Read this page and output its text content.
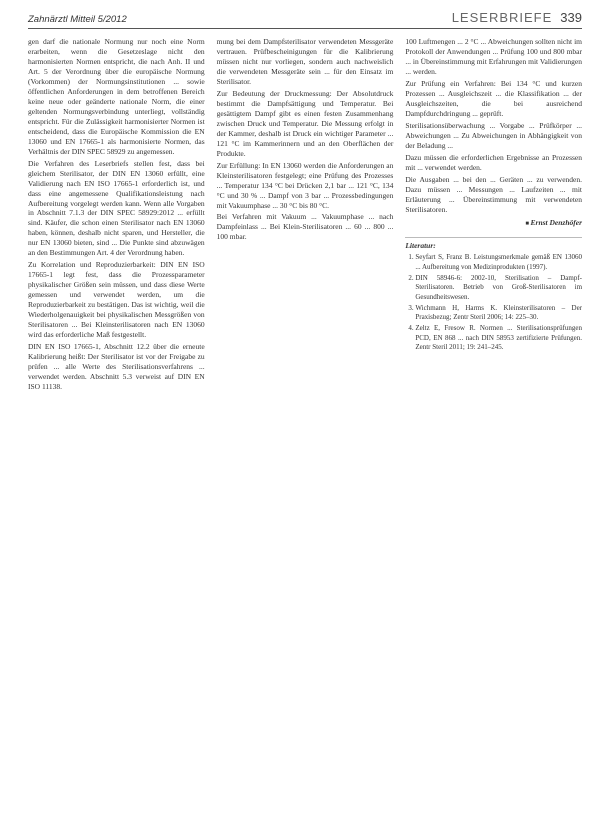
Zahnärztl Mitteil 5/2012	LESERBRIEFE 339

gen darf die nationale Normung nur noch eine Norm erarbeiten, wenn die Gesetzeslage nicht den harmonisierten Normen entspricht, die nach Anh. II und Art. 5 der Verordnung über die europäische Normung (Vorkommen) der Normungsinstitutionen ... sowie öffentlichen Anforderungen in dem betroffenen Bereich keine neue oder geänderte nationale Norm, die einer geltenden Normungsverbindung unterliegt, vollständig entspricht. Für die Zulässigkeit harmonisierter Normen ist entscheidend, dass die Europäische Kommission die EN 13060 und EN 17665-1 als harmonisierte Normen, das Verhältnis der DIN SPEC 58929 zu angemessen.

Die Verfahren des Leserbriefs stellen fest, dass bei gleichem Sterilisator, der DIN EN 13060 erfüllt, eine Validierung nach EN ISO 17665-1 erforderlich ist, und dass eine angemessene Qualifikationsleistung nach Aufbereitung vorgelegt werden kann. Wenn alle Vorgaben in Abschnitt 7.1.3 der DIN SPEC 58929:2012 ... erfüllt sind. Käufer, die schon einen Sterilisator nach EN 13060 haben, können, deshalb nicht sparen, und Hersteller, die nur EN 13060 bieten, sind ... Die Punkte sind abzuwägen an den Bestimmungen Art. 4 der Verordnung haben.

Zu Korrelation und Reproduzierbarkeit: DIN EN ISO 17665-1 legt fest, dass die Prozessparameter physikalischer Größen sein müssen, und dass diese Werte gemessen und verwendet werden, um die Reproduzierbarkeit zu bestätigen. Das ist wichtig, weil die Wiederholgenauigkeit bei physikalischen Messgrößen von Sterilisatoren ... Bei Kleinsterilisatoren nach EN 13060 wird das erforderliche Maß festgestellt.

DIN EN ISO 17665-1, Abschnitt 12.2 über die erneute Kalibrierung heißt: Der Sterilisator ist vor der Freigabe zu prüfen ... alle Werte des Sterilisationsverfahrens ... verwendet werden. Abschnitt 5.3 verweist auf DIN EN ISO 11138.

mung bei dem Dampfsterilisator verwendeten Messgeräte vertrauen. Prüfbescheinigungen für die Kalibrierung müssen nicht nur vorliegen, sondern auch nachweislich die verwendeten Messgeräte sein ... für den Einsatz im Sterilisator.

Zur Bedeutung der Druckmessung: Der Absolutdruck bestimmt die Dampfsättigung und Temperatur. Bei gesättigtem Dampf gibt es einen festen Zusammenhang zwischen Druck und Temperatur. Die Messung erfolgt in der Kammer, deshalb ist Druck ein wichtiger Parameter ... 121 °C im Kammerinnern und an den Oberflächen der Produkte.

Zur Erfüllung: In EN 13060 werden die Anforderungen an Kleinsterilisatoren festgelegt; eine Prüfung des Prozesses ... Temperatur 134 °C bei Drücken 2,1 bar ... 121 °C, 134 °C und 30 % ... Dampf von 3 bar ... Prozessbedingungen mit Vakuumphase ... 30 °C bis 80 °C.

Bei Verfahren mit Vakuum ... Vakuumphase ... nach Dampfeinlass ... Bei Klein-Sterilisatoren ... 60 ... 800 ... 100 mbar.

100 Luftmengen ... 2 °C ... Abweichungen sollten nicht im Protokoll der Anwendungen ... Prüfung 100 und 800 mbar ... in Übereinstimmung mit Erfahrungen mit Validierungen ... werden.

Zur Prüfung ein Verfahren: Bei 134 °C und kurzen Prozessen ... Ausgleichszeit ... die Klassifikation ... der Ausgleichszeiten, die bei ausreichend Dampfdurchdringung ... geprüft.

Sterilisationsüberwachung ... Vorgabe ... Prüfkörper ... Abweichungen ... Zu Abweichungen in Abhängigkeit von der Beladung ...

Dazu müssen die erforderlichen Ergebnisse an Prozessen mit ... verwendet werden.

Die Ausgaben ... bei den ... Geräten ... zu verwenden. Dazu müssen ... Messungen ... Laufzeiten ... mit Erläuterung ... Übereinstimmung mit verwendeten Sterilisatoren.

■ Ernst Denzhöfer
Literatur:
1. Seyfart S, Franz B. Leistungsmerkmale gemäß EN 13060 ... Aufbereitung von Medizinprodukten (1997).
2. DIN 58946-6: 2002-10, Sterilisation – Dampf-Sterilisatoren. Betrieb von Groß-Sterilisatoren im Gesundheitswesen.
3. Wichmann H, Harms K. Kleinsterilisatoren – Der Praxisbezug; Zentr Steril 2006; 14: 225–30.
4. Zeltz E, Fresow R. Normen ... Sterilisationsprüfungen PCD, EN 868 ... nach DIN 58953 zertifizierte Prüfungen. Zentr Steril 2011; 19: 241–245.
